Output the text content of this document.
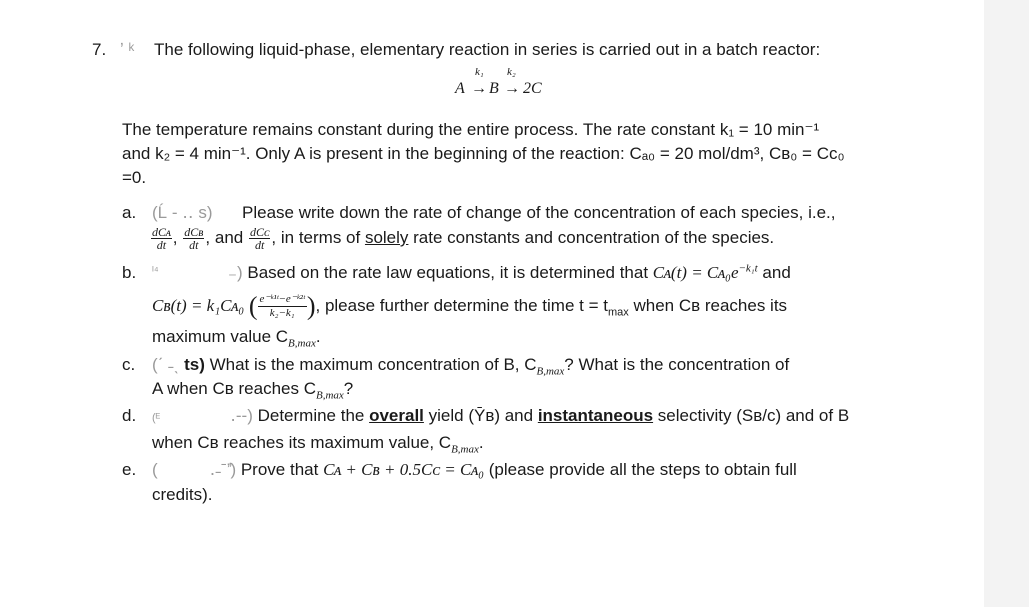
7. ʼ ᵏ The following liquid-phase, elementary reaction in series is carried out in a batch reactor:
k₁ k₂
A → B → 2C
The temperature remains constant during the entire process. The rate constant k₁ = 10 min⁻¹
and k₂ = 4 min⁻¹. Only A is present in the beginning of the reaction: Cₐ₀ = 20 mol/dm³, Cʙ₀ = Cᴄ₀
=0.
a. (Ĺ ‐ ․․ s) Please write down the rate of change of the concentration of each species, i.e.,
$\frac{\text{dCᴀ}}{dt}$ , $\frac{\text{dCʙ}}{dt}$ , and $\frac{\text{dCᴄ}}{dt}$ , in terms of solely rate constants and concentration of the species.
b. ᴵ⁴	₋) Based on the rate law equations, it is determined that Cᴀ(t) = $Cᴀ_0e^{-k_1t}$ and
Cʙ(t) = k₁Cᴀ₀ ( $\frac{\text{e⁻ᵏ¹ᵗ−e⁻ᵏ²ᵗ}}{\text{k₂−k₁}}$ ), please further determine the time $t = t_{max}$ when Cʙ reaches its
maximum value $C_{B,max}$.
c. (ˊ ˗ˎ ts) What is the maximum concentration of B, $C_{B,max}$? What is the concentration of
A when Cʙ reaches $C_{B,max}$?
d. (ᴱ	․‐‐) Determine the overall yield (Ȳʙ) and instantaneous selectivity (Sʙ/ᴄ) and of B
when Cʙ reaches its maximum value, $C_{B,max}$.
e. (	․˗ˉ’̓) Prove that Cᴀ + Cʙ + 0.5Cᴄ = Cᴀ₀ (please provide all the steps to obtain full
credits).
